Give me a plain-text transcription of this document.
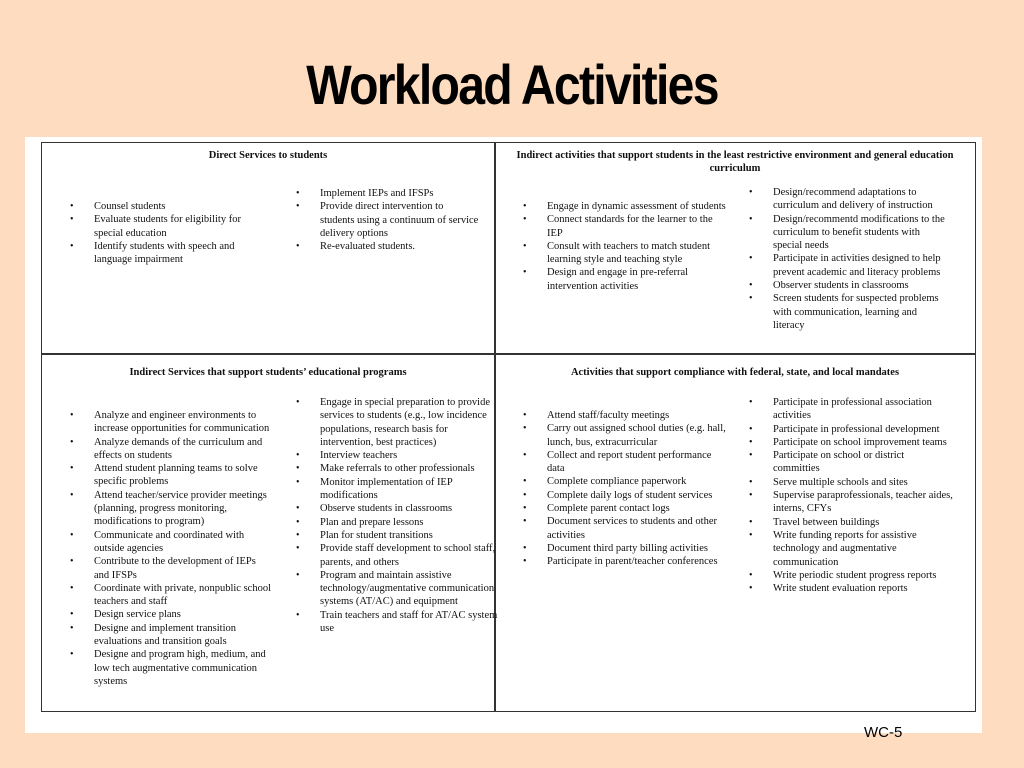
Workload Activities
Direct Services to students
• Counsel students
• Evaluate students for eligibility for special education
• Identify students with speech and language impairment
• Implement IEPs and IFSPs
• Provide direct intervention to students using a continuum of service delivery options
• Re-evaluated students.
Indirect activities that support students in the least restrictive environment and general education curriculum
• Engage in dynamic assessment of students
• Connect standards for the learner to the IEP
• Consult with teachers to match student learning style and teaching style
• Design and engage in pre-referral intervention activities
• Design/recommend adaptations to curriculum and delivery of instruction
• Design/recommentd modifications to the curriculum to benefit students with special needs
• Participate in activities designed to help prevent academic and literacy problems
• Observer students in classrooms
• Screen students for suspected problems with communication, learning and literacy
Indirect Services that support students’ educational programs
• Analyze and engineer environments to increase opportunities for communication
• Analyze demands of the curriculum and effects on students
• Attend student planning teams to solve specific problems
• Attend teacher/service provider meetings (planning, progress monitoring, modifications to program)
• Communicate and coordinated with outside agencies
• Contribute to the development of IEPs and IFSPs
• Coordinate with private, nonpublic school teachers and staff
• Design service plans
• Designe and implement transition evaluations and transition goals
• Designe and program high, medium, and low tech augmentative communication systems
• Engage in special preparation to provide services to students (e.g., low incidence populations, research basis for intervention, best practices)
• Interview teachers
• Make referrals to other professionals
• Monitor implementation of IEP modifications
• Observe students in classrooms
• Plan and prepare lessons
• Plan for student transitions
• Provide staff development to school staff, parents, and others
• Program and maintain assistive technology/augmentative communication systems (AT/AC) and equipment
• Train teachers and staff for AT/AC system use
Activities that support compliance with federal, state, and local mandates
• Attend staff/faculty meetings
• Carry out assigned school duties (e.g. hall, lunch, bus, extracurricular
• Collect and report student performance data
• Complete compliance paperwork
• Complete daily logs of student services
• Complete parent contact logs
• Document services to students and other activities
• Document third party billing activities
• Participate in parent/teacher conferences
• Participate in professional association activities
• Participate in professional development
• Participate on school improvement teams
• Participate on school or district committies
• Serve multiple schools and sites
• Supervise paraprofessionals, teacher aides, interns, CFYs
• Travel between buildings
• Write funding reports for assistive technology and augmentative communication
• Write periodic student progress reports
• Write student evaluation reports
WC-5
